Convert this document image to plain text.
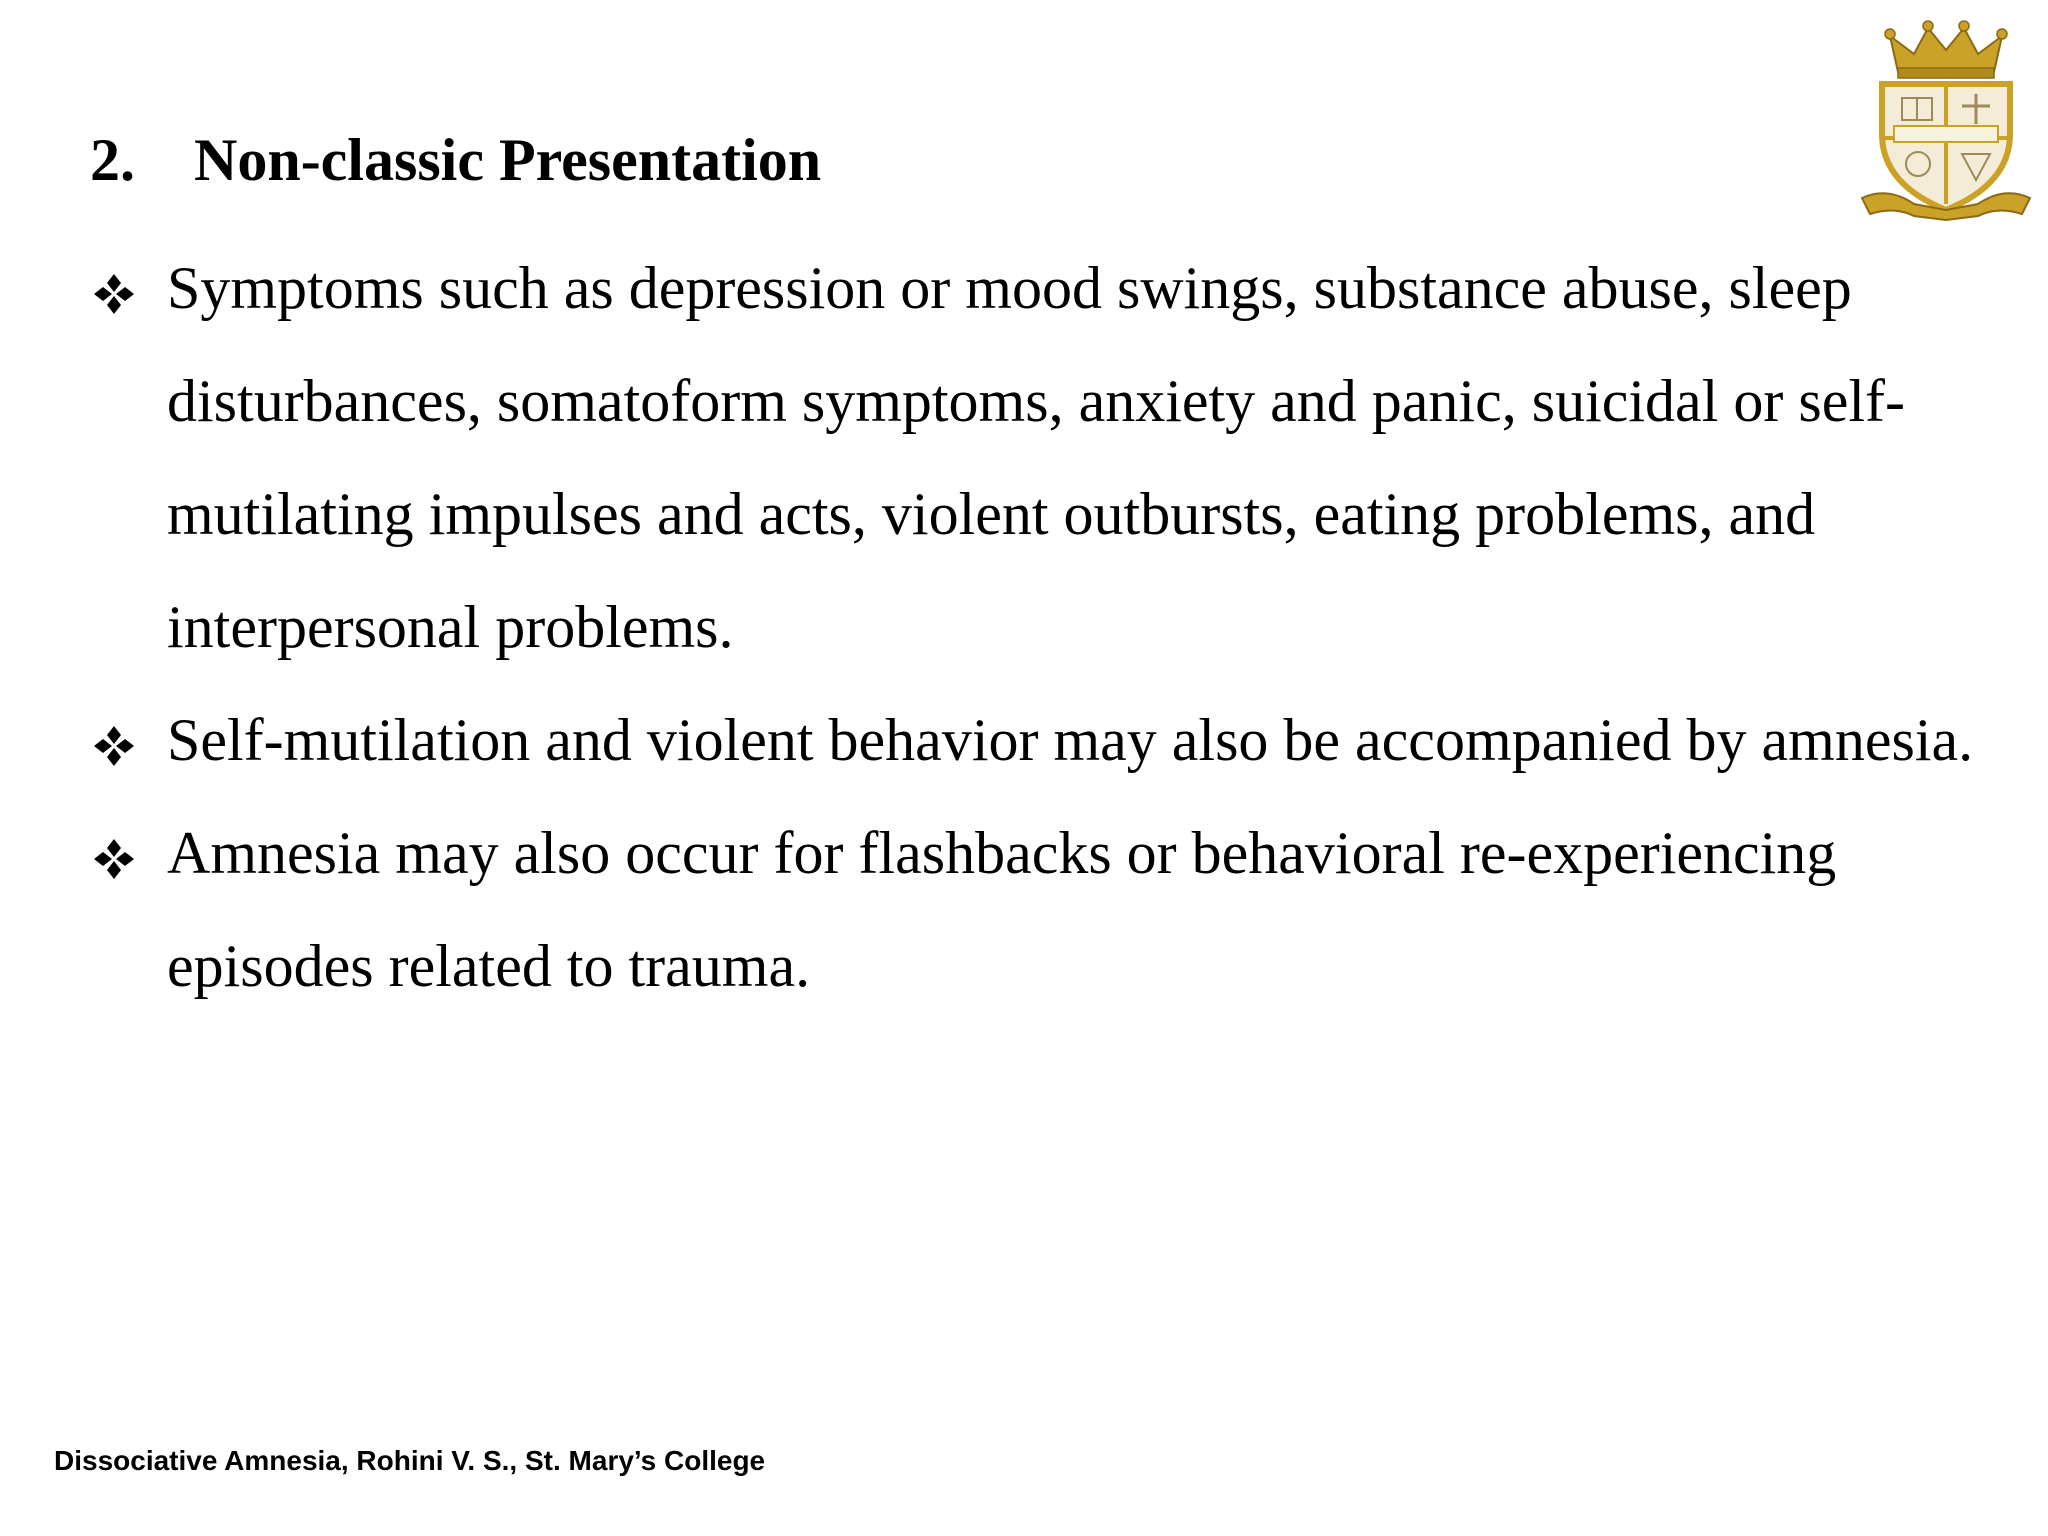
2. Non-classic Presentation
Symptoms such as depression or mood swings, substance abuse, sleep disturbances, somatoform symptoms, anxiety and panic, suicidal or self-mutilating impulses and acts, violent outbursts, eating problems, and interpersonal problems.
Self-mutilation and violent behavior may also be accompanied by amnesia.
Amnesia may also occur for flashbacks or behavioral re-experiencing episodes related to trauma.
Dissociative Amnesia, Rohini V. S., St. Mary’s College
